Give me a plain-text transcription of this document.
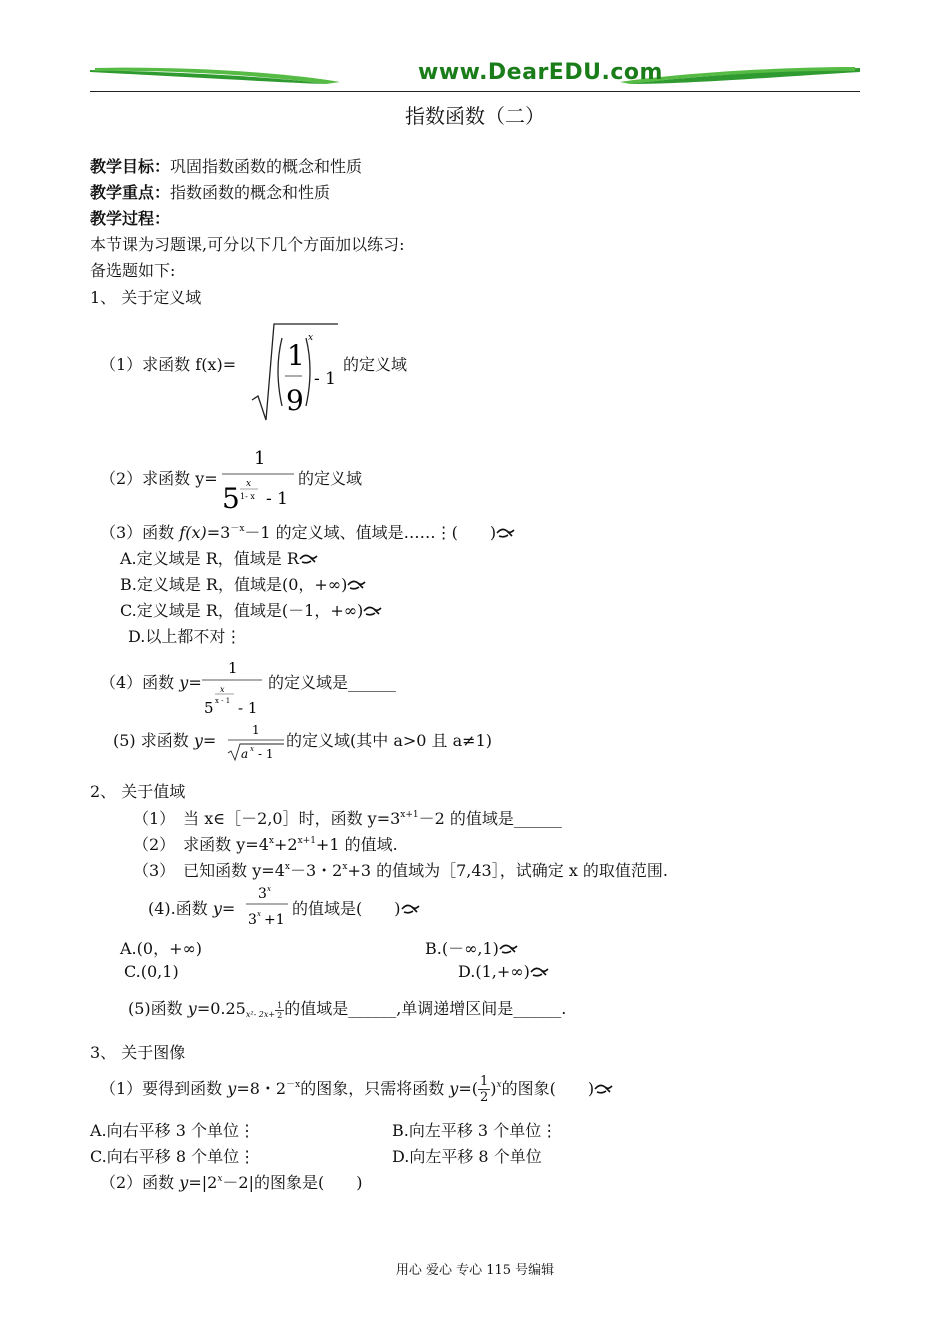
www.DearEDU.com
指数函数（二）
教学目标：巩固指数函数的概念和性质
教学重点：指数函数的概念和性质
教学过程：
本节课为习题课,可分以下几个方面加以练习:
备选题如下:
1、 关于定义域
（1）求函数 f(x)= 1
9
x
- 1
的定义域
（2）求函数 y=
1
5 x
1- x - 1
的定义域
（3）函数 $f(x)=3^{-x}-1$ 的定义域、值域是……⋮(　　)
A.定义域是 R，值域是 R
B.定义域是 R，值域是(0，+∞)
C.定义域是 R，值域是(－1，+∞)
D.以上都不对⋮
（4）函数 y=
1
5
x
x - 1 - 1
的定义域是______
(5) 求函数 y=
1
a x - 1
的定义域(其中 a>0 且 a≠1)
2、 关于值域
（1）　当 x∈［－2,0］时，函数 $y=3^{x+1}-2$ 的值域是______
（2）　求函数 $y=4^x+2^{x+1}+1$ 的值域.
（3）　已知函数 $y=4^x-3$・$2^x+3$ 的值域为［7,43］，试确定 x 的取值范围.
(4).函数 y=
3 x
3 x +1
的值域是(　　)
A.(0，+∞)	B.(－∞,1)
C.(0,1)	D.(1,+∞)
(5)函数 y=0.25x²- $2x+ \frac{1}{2}$ 的值域是______,单调递增区间是______.
3、 关于图像
（1）要得到函数 y=8・$2^{-x}$的图象，只需将函数 $y=( \frac{1}{2} )^x$的图象(　　)
A.向右平移 3 个单位⋮	B.向左平移 3 个单位⋮
C.向右平移 8 个单位⋮	D.向左平移 8 个单位
（2）函数 $y=|2^x-2|$的图象是(　　)
用心 爱心 专心 115 号编辑
